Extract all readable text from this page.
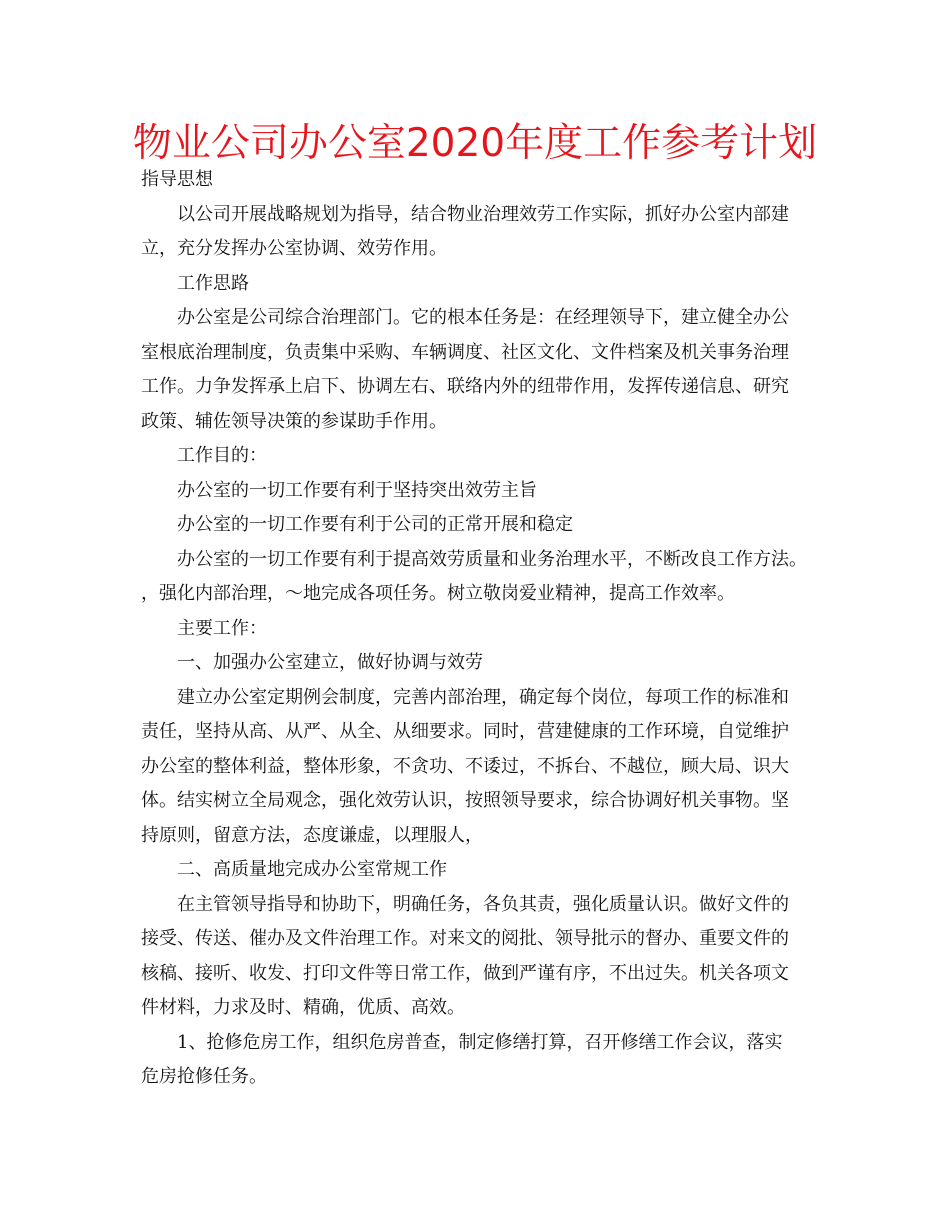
物业公司办公室2020年度工作参考计划

指导思想

以公司开展战略规划为指导，结合物业治理效劳工作实际，抓好办公室内部建

立，充分发挥办公室协调、效劳作用。

工作思路

办公室是公司综合治理部门。它的根本任务是：在经理领导下，建立健全办公

室根底治理制度，负责集中采购、车辆调度、社区文化、文件档案及机关事务治理

工作。力争发挥承上启下、协调左右、联络内外的纽带作用，发挥传递信息、研究

政策、辅佐领导决策的参谋助手作用。

工作目的：

办公室的一切工作要有利于坚持突出效劳主旨

办公室的一切工作要有利于公司的正常开展和稳定

办公室的一切工作要有利于提高效劳质量和业务治理水平，不断改良工作方法。

，强化内部治理，～地完成各项任务。树立敬岗爱业精神，提高工作效率。

主要工作：

一、加强办公室建立，做好协调与效劳

建立办公室定期例会制度，完善内部治理，确定每个岗位，每项工作的标准和

责任，坚持从高、从严、从全、从细要求。同时，营建健康的工作环境，自觉维护

办公室的整体利益，整体形象，不贪功、不诿过，不拆台、不越位，顾大局、识大

体。结实树立全局观念，强化效劳认识，按照领导要求，综合协调好机关事物。坚

持原则，留意方法，态度谦虚，以理服人，

二、高质量地完成办公室常规工作

在主管领导指导和协助下，明确任务，各负其责，强化质量认识。做好文件的

接受、传送、催办及文件治理工作。对来文的阅批、领导批示的督办、重要文件的

核稿、接听、收发、打印文件等日常工作，做到严谨有序，不出过失。机关各项文

件材料，力求及时、精确，优质、高效。

1、抢修危房工作，组织危房普查，制定修缮打算，召开修缮工作会议，落实

危房抢修任务。
